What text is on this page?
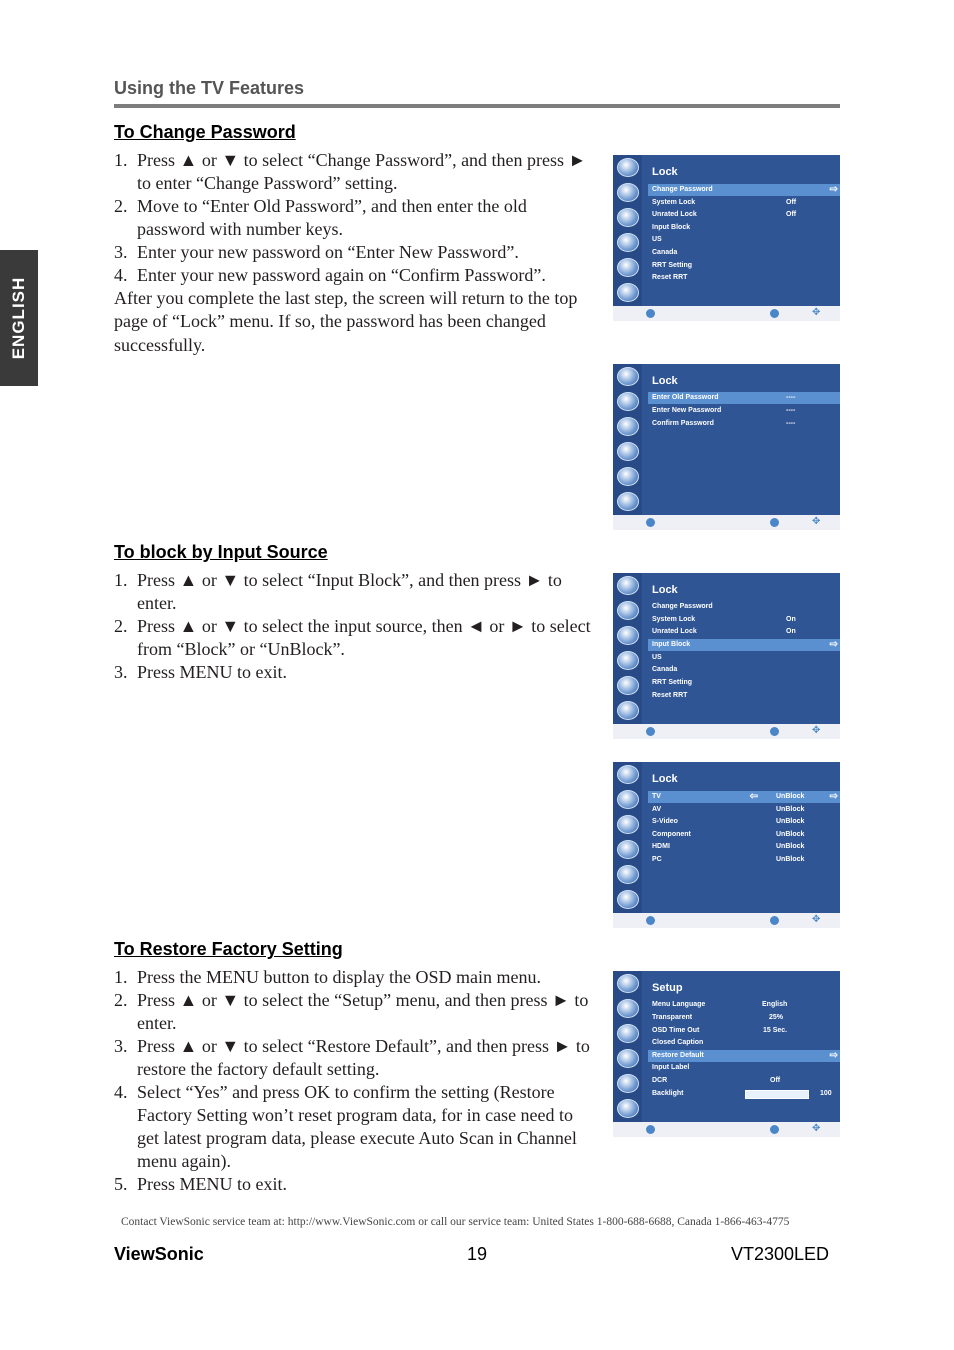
Using the TV Features
ENGLISH
To Change Password
1. Press ▲ or ▼ to select “Change Password”, and then press ► to enter “Change Password” setting.
2. Move to “Enter Old Password”, and then enter the old password with number keys.
3. Enter your new password on “Enter New Password”.
4. Enter your new password again on “Confirm Password”.
After you complete the last step, the screen will return to the top page of “Lock” menu. If so, the password has been changed successfully.
To block by Input Source
1. Press ▲ or ▼ to select “Input Block”, and then press ► to enter.
2. Press ▲ or ▼ to select the input source, then ◄ or ► to select from “Block” or “UnBlock”.
3. Press MENU to exit.
To Restore Factory Setting
1. Press the MENU button to display the OSD main menu.
2. Press ▲ or ▼ to select the “Setup” menu, and then press ► to enter.
3. Press ▲ or ▼ to select “Restore Default”, and then press ► to restore the factory default setting.
4. Select “Yes” and press OK to confirm the setting (Restore Factory Setting won’t reset program data, for in case need to get latest program data, please execute Auto Scan in Channel menu again).
5. Press MENU to exit.
Lock
Change Password	⇨
System Lock	Off
Unrated Lock	Off
Input Block
US
Canada
RRT Setting
Reset RRT
✥
Lock
Enter Old Password	----
Enter New Password	----
Confirm Password	----
✥
Lock
Change Password
System Lock	On
Unrated Lock	On
Input Block	⇨
US
Canada
RRT Setting
Reset RRT
✥
Lock
TV	⇦	UnBlock	⇨
AV	UnBlock
S-Video	UnBlock
Component	UnBlock
HDMI	UnBlock
PC	UnBlock
✥
Setup
Menu Language	English
Transparent	25%
OSD Time Out	15 Sec.
Closed Caption
Restore Default	⇨
Input Label
DCR	Off
Backlight	100
✥
Contact ViewSonic service team at: http://www.ViewSonic.com or call our service team: United States 1-800-688-6688, Canada 1-866-463-4775
ViewSonic	19	VT2300LED
